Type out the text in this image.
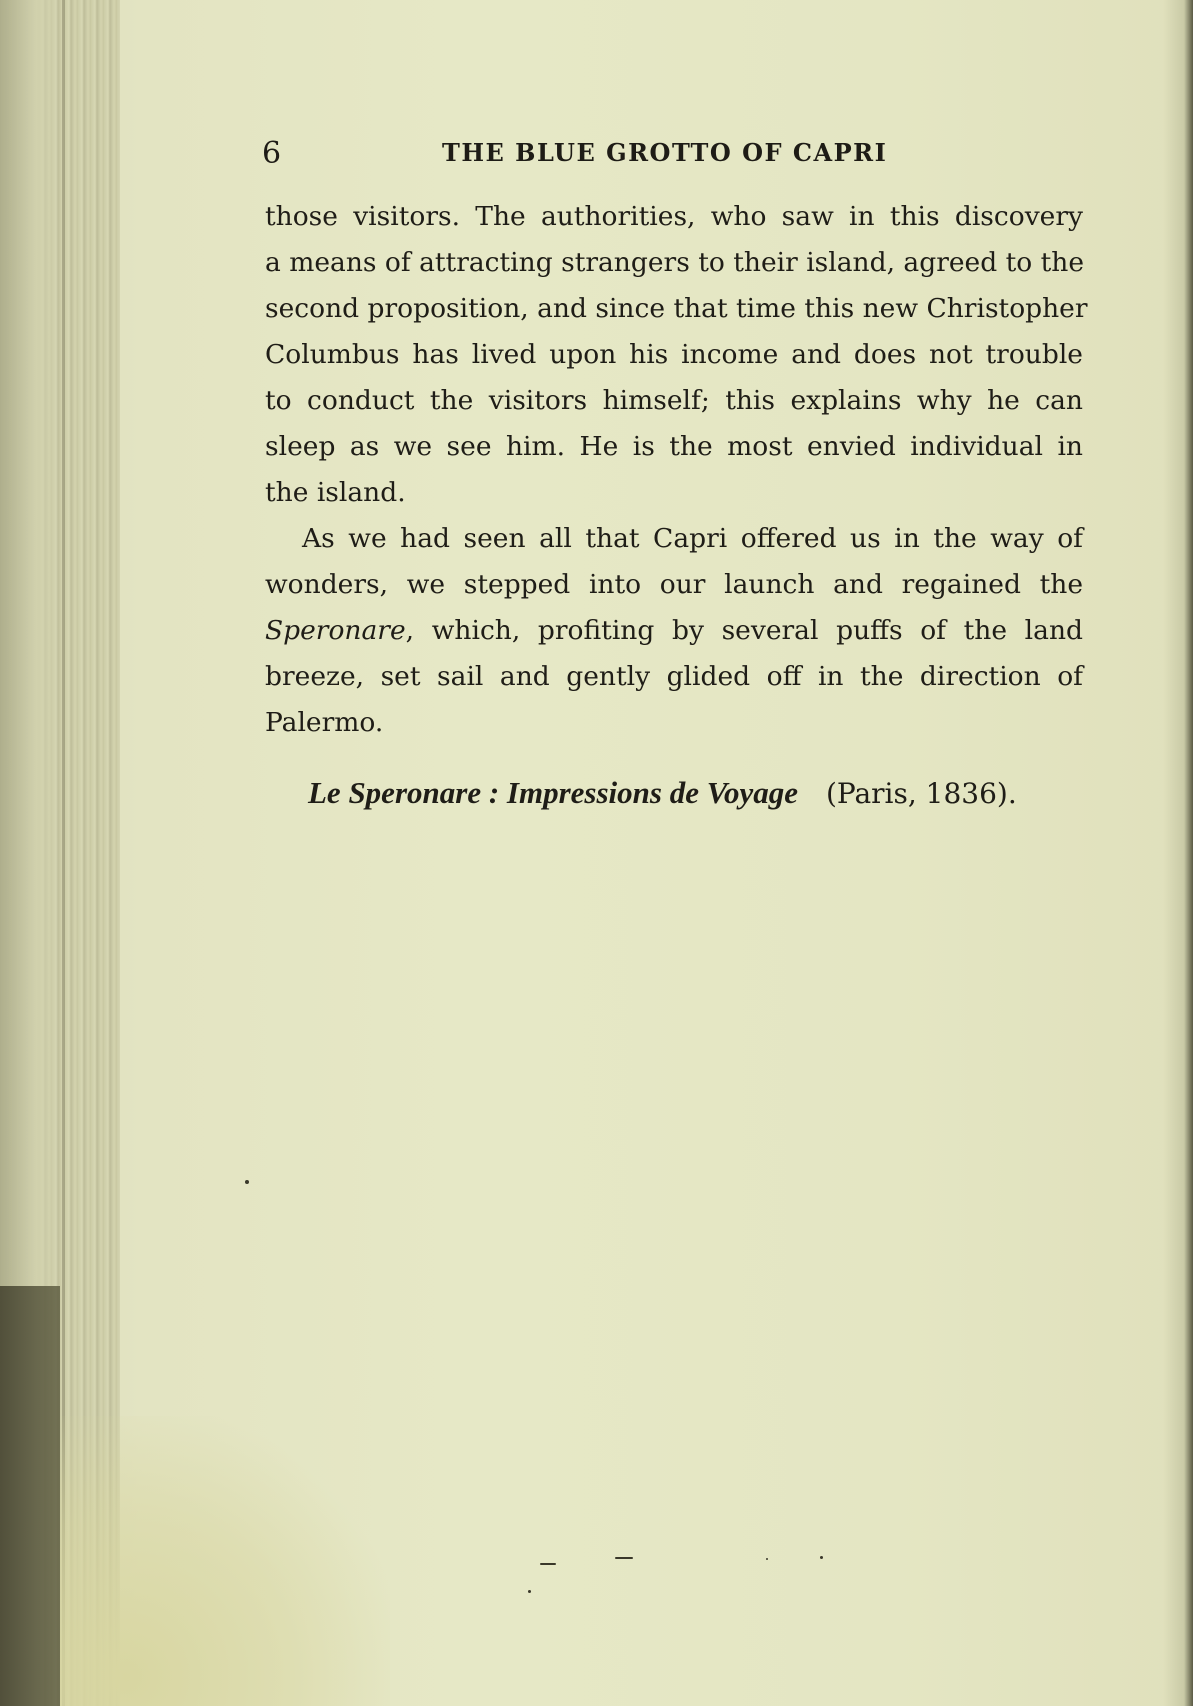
6	THE BLUE GROTTO OF CAPRI

those visitors. The authorities, who saw in this discovery
a means of attracting strangers to their island, agreed to the
second proposition, and since that time this new Christopher
Columbus has lived upon his income and does not trouble
to conduct the visitors himself; this explains why he can
sleep as we see him. He is the most envied individual in
the island.

As we had seen all that Capri offered us in the way of
wonders, we stepped into our launch and regained the
Speronare, which, profiting by several puffs of the land
breeze, set sail and gently glided off in the direction of
Palermo.

Le Speronare : Impressions de Voyage (Paris, 1836).
